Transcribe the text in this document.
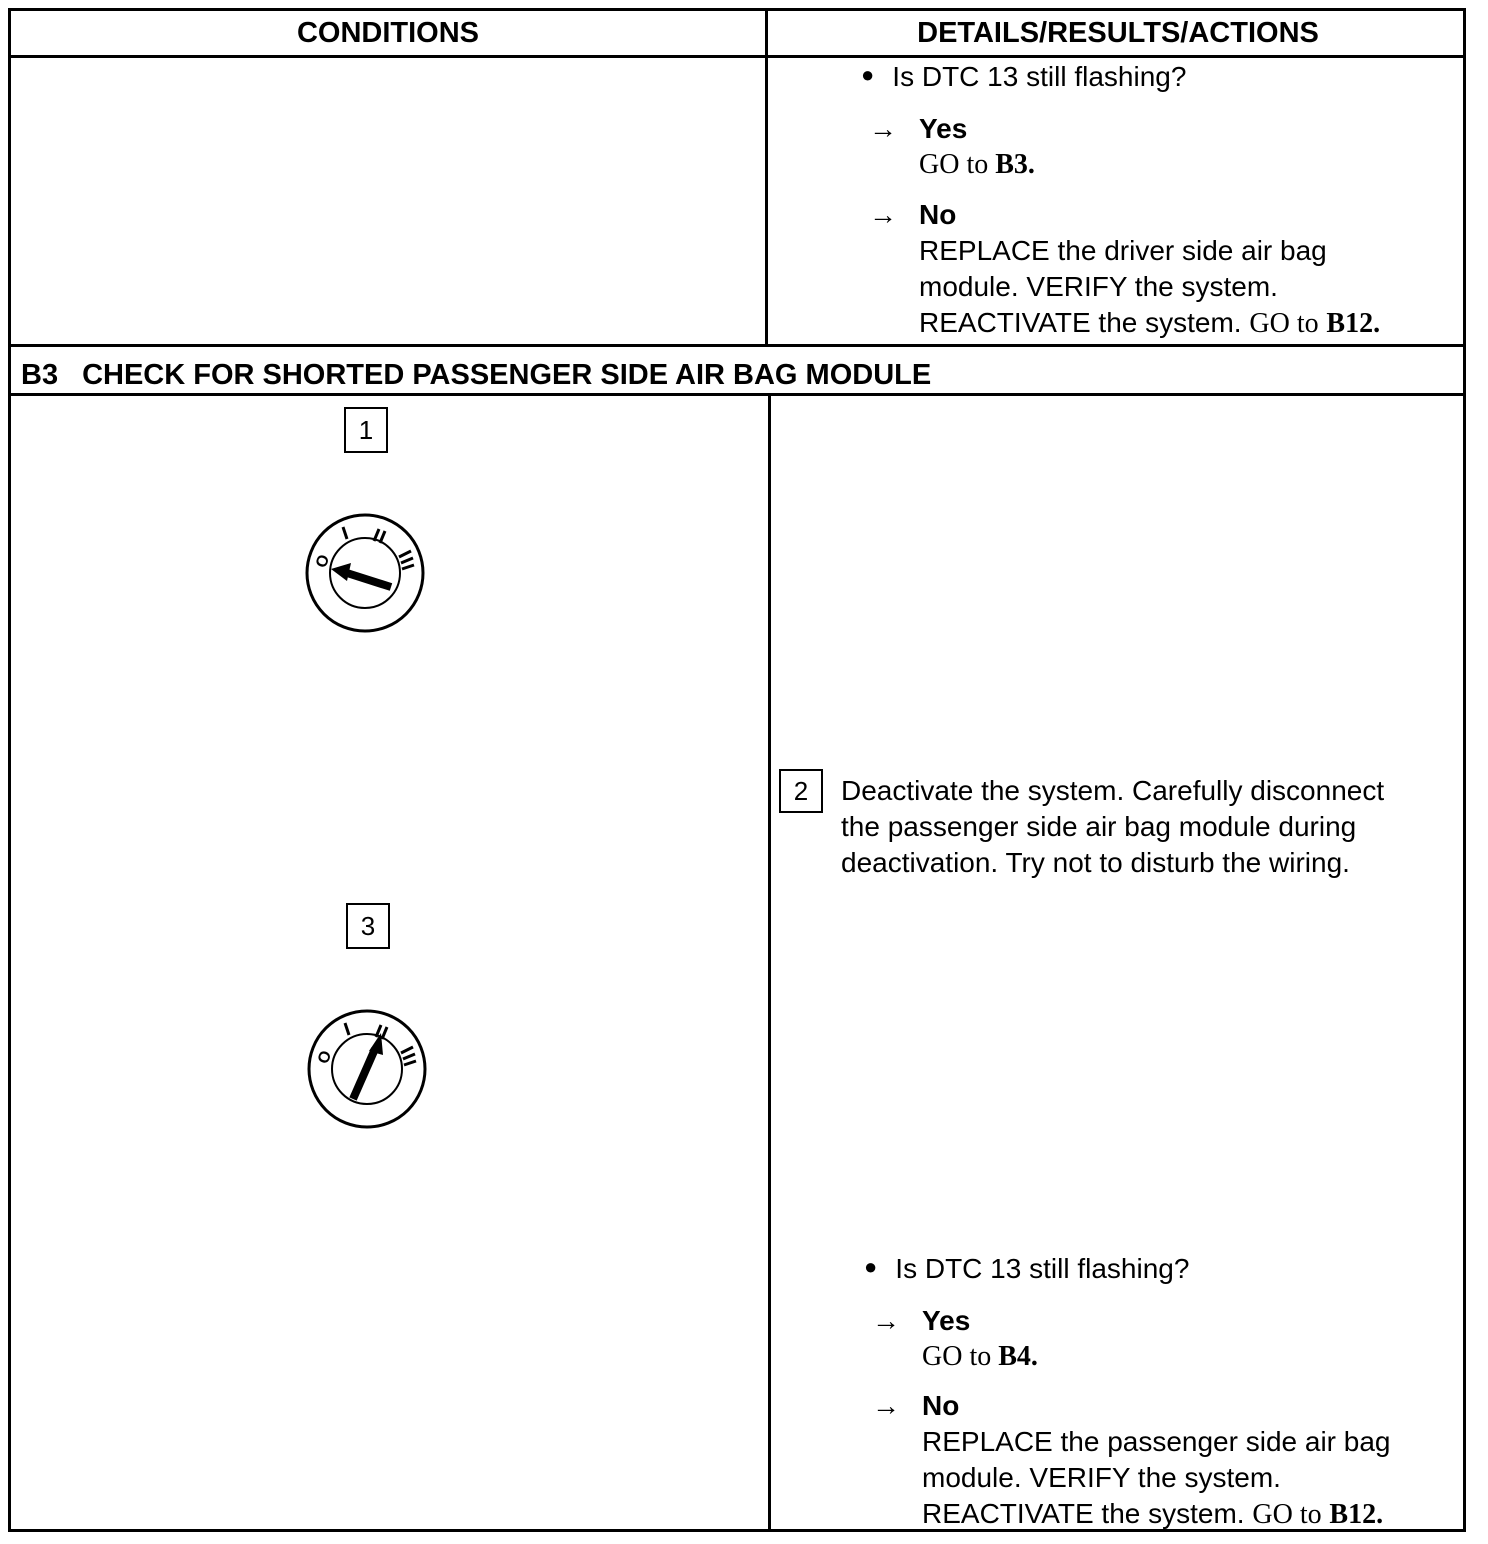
CONDITIONS	DETAILS/RESULTS/ACTIONS
● Is DTC 13 still flashing?
→ Yes
GO to B3.
→ No
REPLACE the driver side air bag
module. VERIFY the system.
REACTIVATE the system. GO to B12.
B3 CHECK FOR SHORTED PASSENGER SIDE AIR BAG MODULE
1
O
2	Deactivate the system. Carefully disconnect
the passenger side air bag module during
deactivation. Try not to disturb the wiring.
3
O
● Is DTC 13 still flashing?
→ Yes
GO to B4.
→ No
REPLACE the passenger side air bag
module. VERIFY the system.
REACTIVATE the system. GO to B12.
